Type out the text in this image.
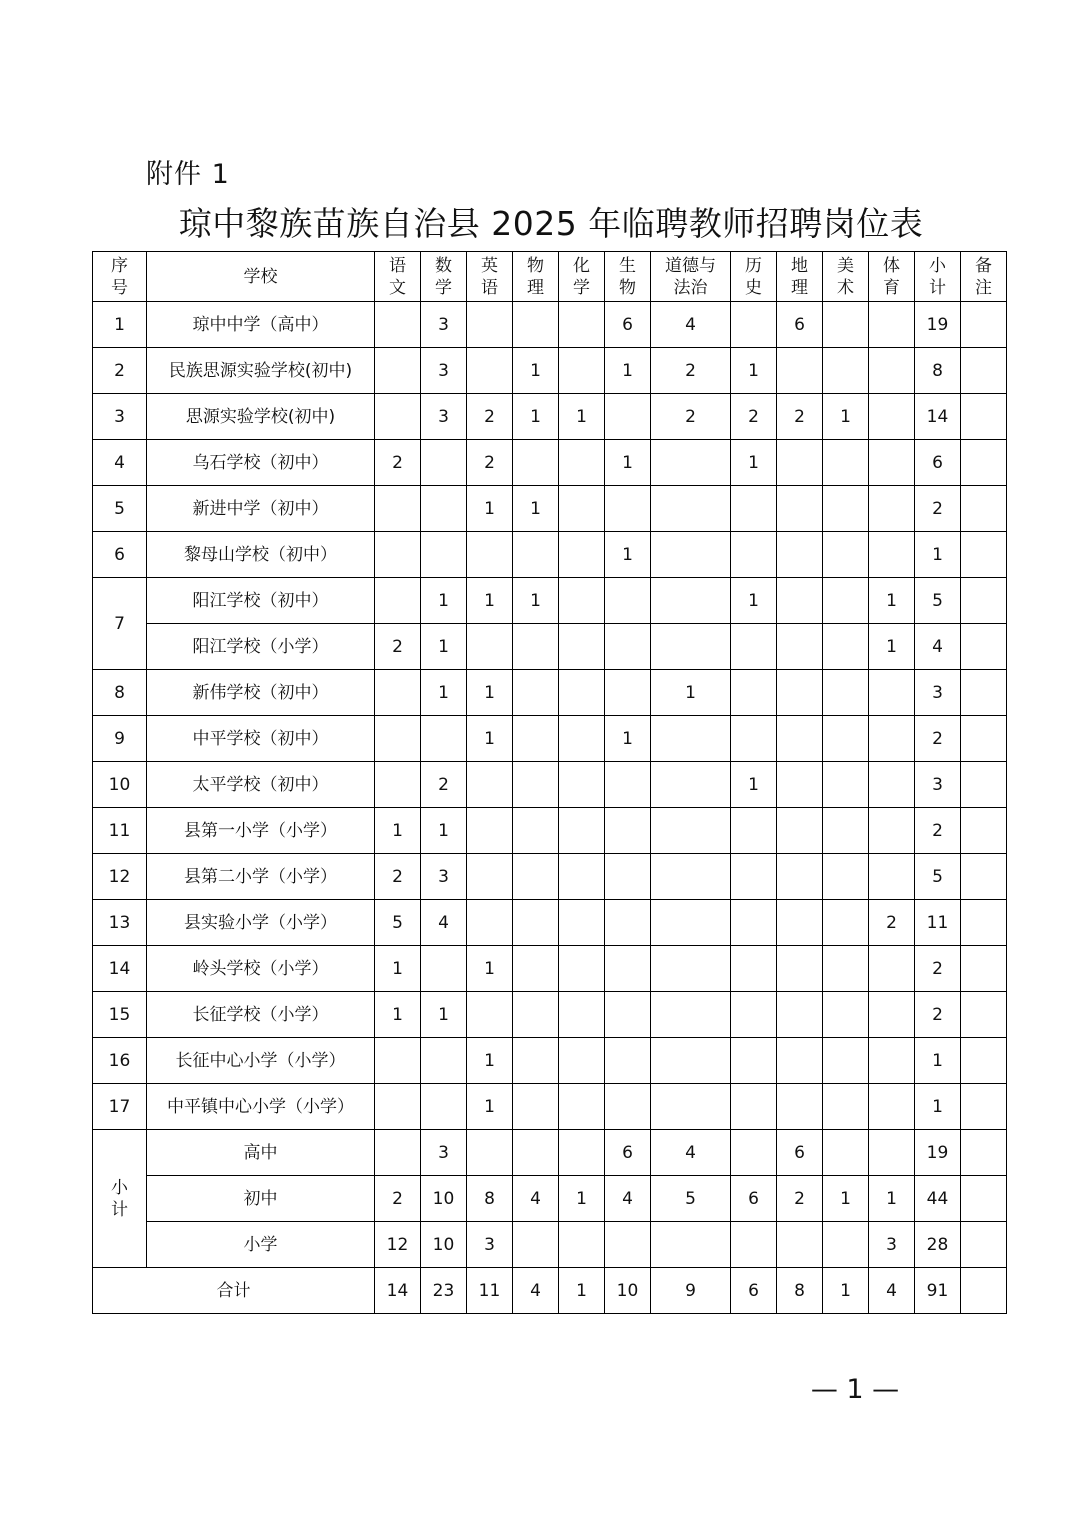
附件 1
琼中黎族苗族自治县 2025 年临聘教师招聘岗位表
序号	学校	语文	数学	英语	物理	化学	生物	道德与法治	历史	地理	美术	体育	小计	备注

1	琼中中学（高中）		3				6	4		6			19	
2	民族思源实验学校(初中)		3		1		1	2	1				8	
3	思源实验学校(初中)		3	2	1	1		2	2	2	1		14	
4	乌石学校（初中）	2		2			1		1				6	
5	新进中学（初中）			1	1								2	
6	黎母山学校（初中）						1						1	
7	阳江学校（初中）		1	1	1				1			1	5	
	阳江学校（小学）	2	1									1	4	
8	新伟学校（初中）		1	1				1					3	
9	中平学校（初中）			1			1						2	
10	太平学校（初中）		2						1				3	
11	县第一小学（小学）	1	1										2	
12	县第二小学（小学）	2	3										5	
13	县实验小学（小学）	5	4									2	11	
14	岭头学校（小学）	1		1									2	
15	长征学校（小学）	1	1										2	
16	长征中心小学（小学）			1									1	
17	中平镇中心小学（小学）			1									1	

小计	高中		3				6	4		6			19	
	初中	2	10	8	4	1	4	5	6	2	1	1	44	
	小学	12	10	3								3	28	
合计		14	23	11	4	1	10	9	6	8	1	4	91	
— 1 —
